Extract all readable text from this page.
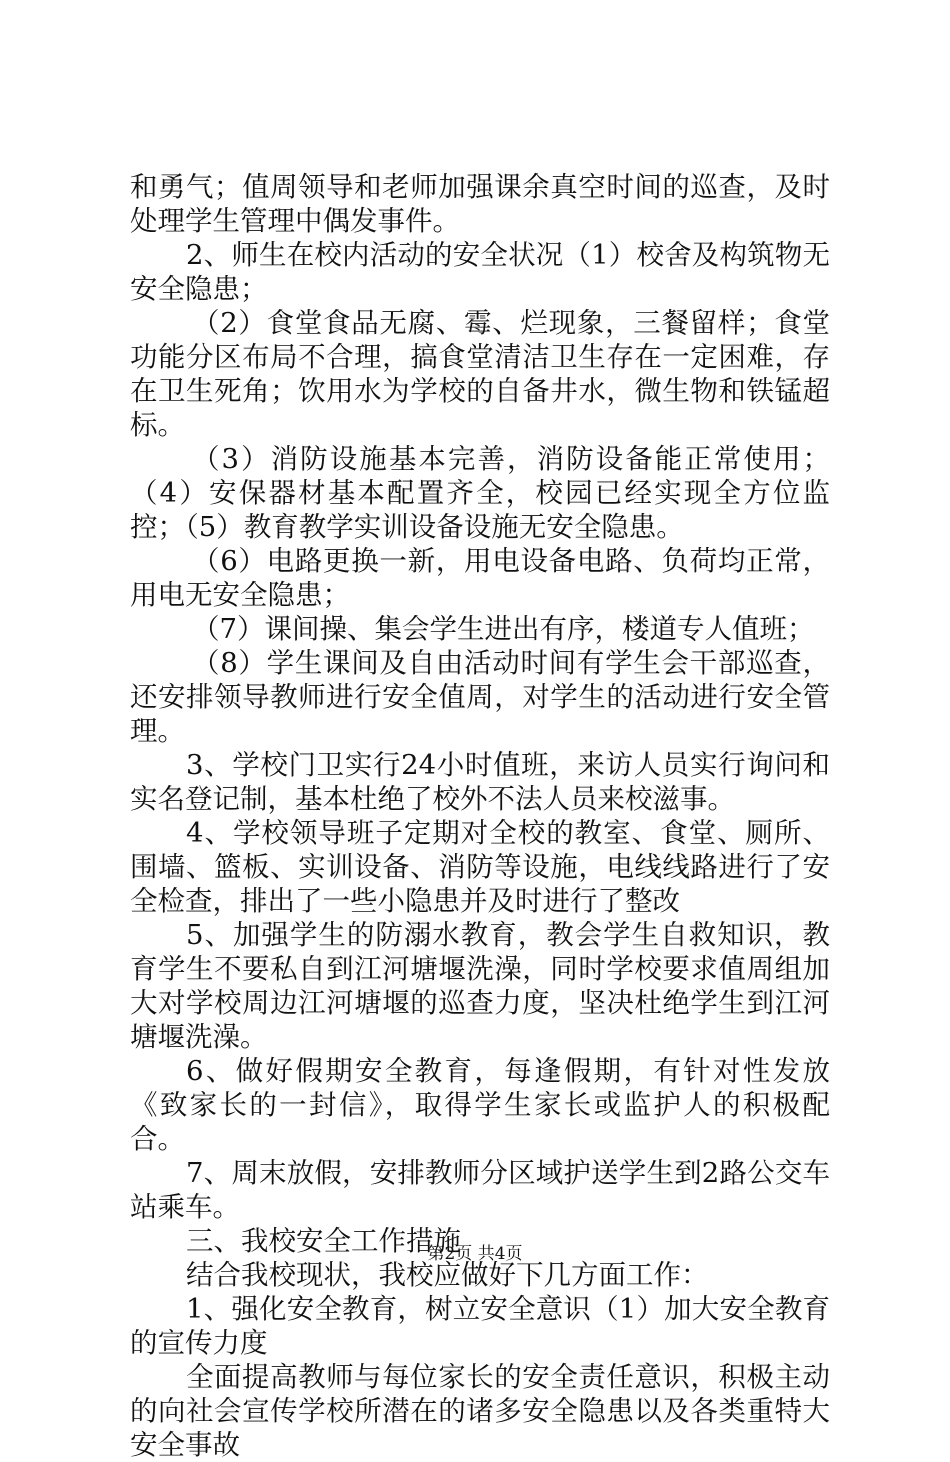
和勇气；值周领导和老师加强课余真空时间的巡查，及时处理学生管理中偶发事件。

2、师生在校内活动的安全状况（1）校舍及构筑物无安全隐患；

（2）食堂食品无腐、霉、烂现象，三餐留样；食堂功能分区布局不合理，搞食堂清洁卫生存在一定困难，存在卫生死角；饮用水为学校的自备井水，微生物和铁锰超标。

（3）消防设施基本完善，消防设备能正常使用；（4）安保器材基本配置齐全，校园已经实现全方位监控；（5）教育教学实训设备设施无安全隐患。

（6）电路更换一新，用电设备电路、负荷均正常，用电无安全隐患；

（7）课间操、集会学生进出有序，楼道专人值班；

（8）学生课间及自由活动时间有学生会干部巡查，还安排领导教师进行安全值周，对学生的活动进行安全管理。

3、学校门卫实行24小时值班，来访人员实行询问和实名登记制，基本杜绝了校外不法人员来校滋事。

4、学校领导班子定期对全校的教室、食堂、厕所、围墙、篮板、实训设备、消防等设施，电线线路进行了安全检查，排出了一些小隐患并及时进行了整改

5、加强学生的防溺水教育，教会学生自救知识，教育学生不要私自到江河塘堰洗澡，同时学校要求值周组加大对学校周边江河塘堰的巡查力度，坚决杜绝学生到江河塘堰洗澡。

6、做好假期安全教育，每逢假期，有针对性发放《致家长的一封信》，取得学生家长或监护人的积极配合。

7、周末放假，安排教师分区域护送学生到2路公交车站乘车。

三、我校安全工作措施

结合我校现状，我校应做好下几方面工作：

1、强化安全教育，树立安全意识（1）加大安全教育的宣传力度

全面提高教师与每位家长的安全责任意识，积极主动的向社会宣传学校所潜在的诸多安全隐患以及各类重特大安全事故

第2页 共4页
